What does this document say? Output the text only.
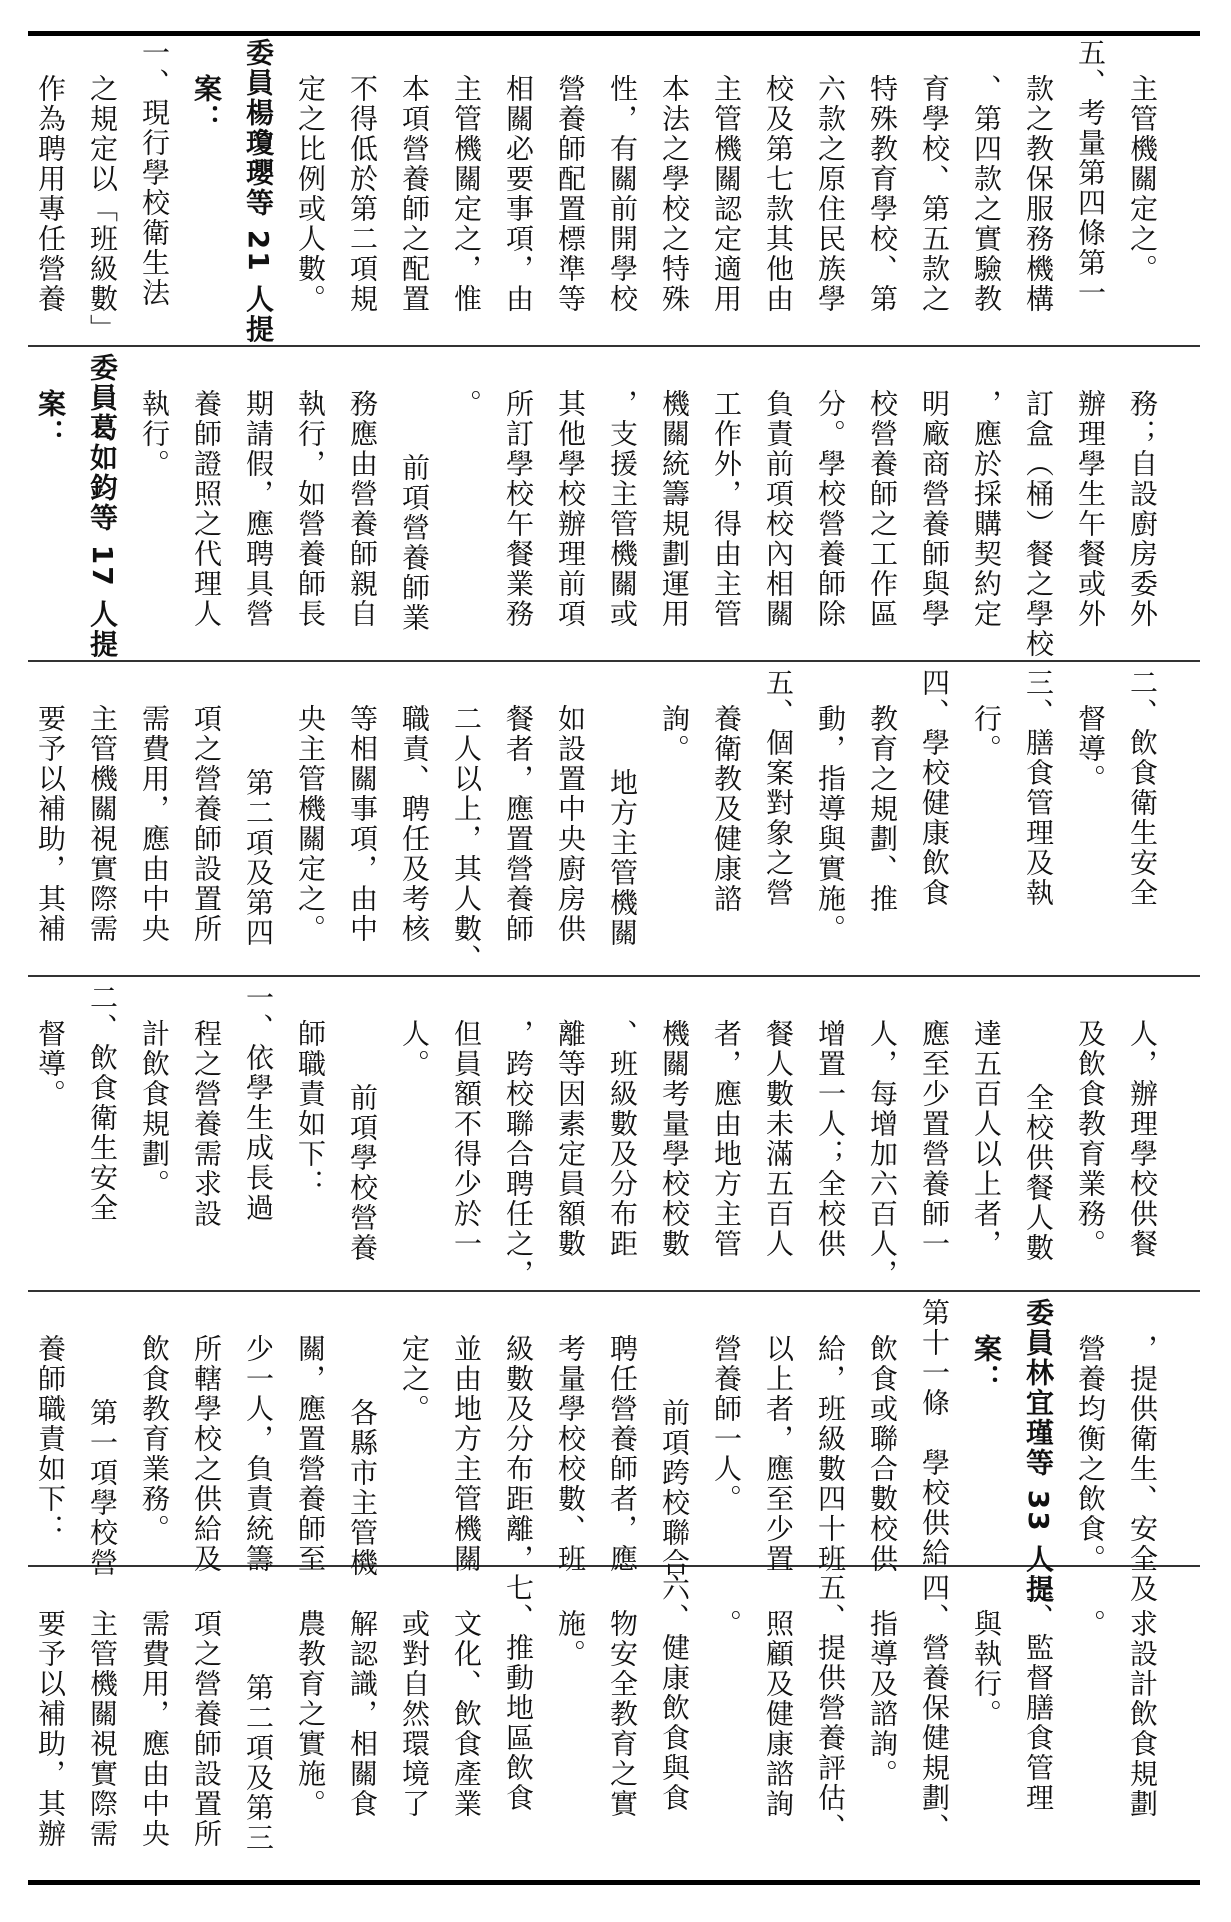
主管機關定之。
五、考量第四條第一
款之教保服務機構
、第四款之實驗教
育學校、第五款之
特殊教育學校、第
六款之原住民族學
校及第七款其他由
主管機關認定適用
本法之學校之特殊
性，有關前開學校
營養師配置標準等
相關必要事項，由
主管機關定之，惟
本項營養師之配置
不得低於第二項規
定之比例或人數。
委員楊瓊瓔等 21 人提
案：
一、現行學校衛生法
之規定以「班級數」
作為聘用專任營養
務；自設廚房委外
辦理學生午餐或外
訂盒（桶）餐之學校
，應於採購契約定
明廠商營養師與學
校營養師之工作區
分。學校營養師除
負責前項校內相關
工作外，得由主管
機關統籌規劃運用
，支援主管機關或
其他學校辦理前項
所訂學校午餐業務
。
前項營養師業
務應由營養師親自
執行，如營養師長
期請假，應聘具營
養師證照之代理人
執行。
委員葛如鈞等 17 人提
案：
二、飲食衛生安全
督導。
三、膳食管理及執
行。
四、學校健康飲食
教育之規劃、推
動，指導與實施。
五、個案對象之營
養衛教及健康諮
詢。
地方主管機關
如設置中央廚房供
餐者，應置營養師
二人以上，其人數、
職責、聘任及考核
等相關事項，由中
央主管機關定之。
第二項及第四
項之營養師設置所
需費用，應由中央
主管機關視實際需
要予以補助，其補
人，辦理學校供餐
及飲食教育業務。
全校供餐人數
達五百人以上者，
應至少置營養師一
人，每增加六百人，
增置一人；全校供
餐人數未滿五百人
者，應由地方主管
機關考量學校校數
、班級數及分布距
離等因素定員額數
，跨校聯合聘任之，
但員額不得少於一
人。
前項學校營養
師職責如下：
一、依學生成長過
程之營養需求設
計飲食規劃。
二、飲食衛生安全
督導。
，提供衛生、安全及
營養均衡之飲食。
委員林宜瑾等 33 人提
案：
第十一條　學校供給
飲食或聯合數校供
給，班級數四十班
以上者，應至少置
營養師一人。
前項跨校聯合
聘任營養師者，應
考量學校校數、班
級數及分布距離，
並由地方主管機關
定之。
各縣市主管機
關，應置營養師至
少一人，負責統籌
所轄學校之供給及
飲食教育業務。
第一項學校營
養師職責如下：
求設計飲食規劃
。
三、監督膳食管理
與執行。
四、營養保健規劃、
指導及諮詢。
五、提供營養評估、
照顧及健康諮詢
。
六、健康飲食與食
物安全教育之實
施。
七、推動地區飲食
文化、飲食產業
或對自然環境了
解認識，相關食
農教育之實施。
第二項及第三
項之營養師設置所
需費用，應由中央
主管機關視實際需
要予以補助，其辦
